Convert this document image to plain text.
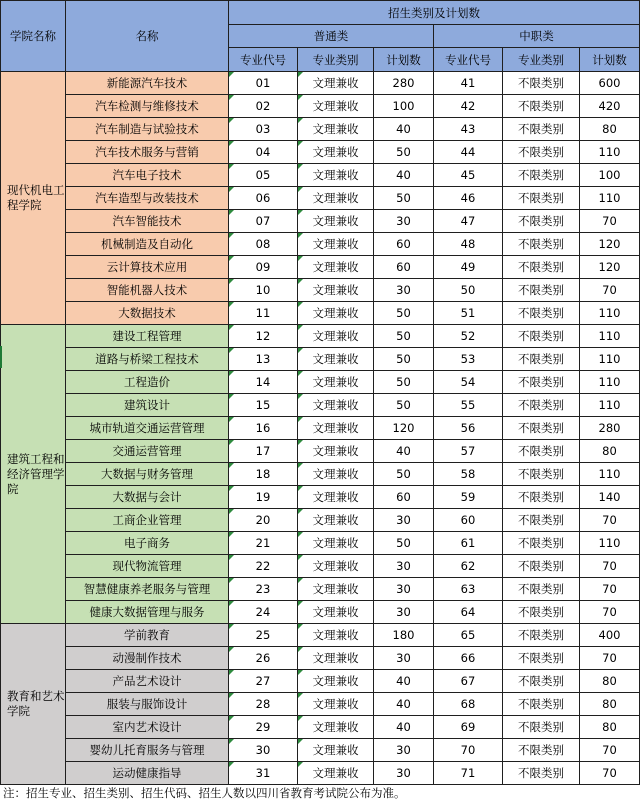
学院名称	名称	招生类别及计划数					
		普通类			中职类		
		专业代号	专业类别	计划数	专业代号	专业类别	计划数
现代机电工程学院	新能源汽车技术	01	文理兼收	280	41	不限类别	600
	汽车检测与维修技术	02	文理兼收	100	42	不限类别	420
	汽车制造与试验技术	03	文理兼收	40	43	不限类别	80
	汽车技术服务与营销	04	文理兼收	50	44	不限类别	110
	汽车电子技术	05	文理兼收	40	45	不限类别	100
	汽车造型与改装技术	06	文理兼收	50	46	不限类别	110
	汽车智能技术	07	文理兼收	30	47	不限类别	70
	机械制造及自动化	08	文理兼收	60	48	不限类别	120
	云计算技术应用	09	文理兼收	60	49	不限类别	120
	智能机器人技术	10	文理兼收	30	50	不限类别	70
	大数据技术	11	文理兼收	50	51	不限类别	110
建筑工程和经济管理学院	建设工程管理	12	文理兼收	50	52	不限类别	110
	道路与桥梁工程技术	13	文理兼收	50	53	不限类别	110
	工程造价	14	文理兼收	50	54	不限类别	110
	建筑设计	15	文理兼收	50	55	不限类别	110
	城市轨道交通运营管理	16	文理兼收	120	56	不限类别	280
	交通运营管理	17	文理兼收	40	57	不限类别	80
	大数据与财务管理	18	文理兼收	50	58	不限类别	110
	大数据与会计	19	文理兼收	60	59	不限类别	140
	工商企业管理	20	文理兼收	30	60	不限类别	70
	电子商务	21	文理兼收	50	61	不限类别	110
	现代物流管理	22	文理兼收	30	62	不限类别	70
	智慧健康养老服务与管理	23	文理兼收	30	63	不限类别	70
	健康大数据管理与服务	24	文理兼收	30	64	不限类别	70
教育和艺术学院	学前教育	25	文理兼收	180	65	不限类别	400
	动漫制作技术	26	文理兼收	30	66	不限类别	70
	产品艺术设计	27	文理兼收	40	67	不限类别	80
	服装与服饰设计	28	文理兼收	40	68	不限类别	80
	室内艺术设计	29	文理兼收	40	69	不限类别	80
	婴幼儿托育服务与管理	30	文理兼收	30	70	不限类别	70
	运动健康指导	31	文理兼收	30	71	不限类别	70
注：招生专业、招生类别、招生代码、招生人数以四川省教育考试院公布为准。
